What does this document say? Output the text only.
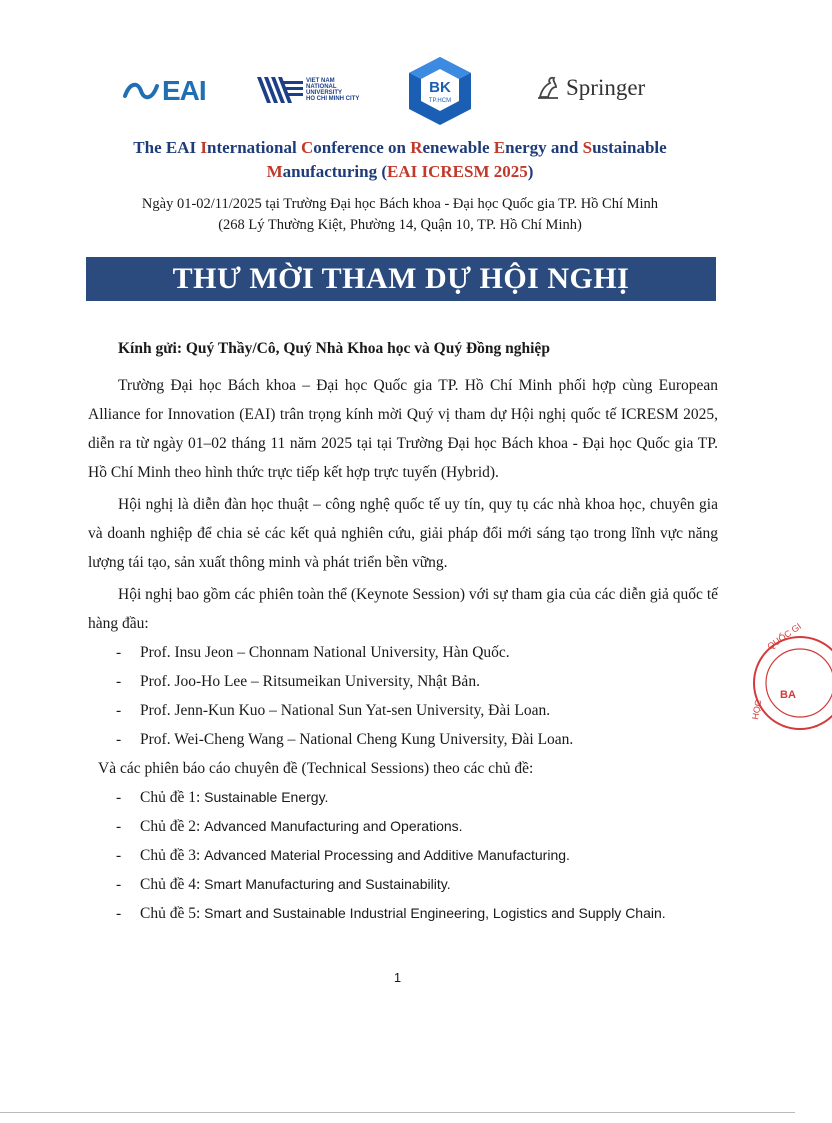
EAI	VIET NAM
NATIONAL
UNIVERSITY
HO CHI MINH CITY
BK
TP.HCM
Springer
The EAI International Conference on Renewable Energy and Sustainable
Manufacturing (EAI ICRESM 2025)
Ngày 01-02/11/2025 tại Trường Đại học Bách khoa - Đại học Quốc gia TP. Hồ Chí Minh
(268 Lý Thường Kiệt, Phường 14, Quận 10, TP. Hồ Chí Minh)
THƯ MỜI THAM DỰ HỘI NGHỊ
Kính gửi: Quý Thầy/Cô, Quý Nhà Khoa học và Quý Đồng nghiệp

Trường Đại học Bách khoa – Đại học Quốc gia TP. Hồ Chí Minh phối hợp cùng European Alliance for Innovation (EAI) trân trọng kính mời Quý vị tham dự Hội nghị quốc tế ICRESM 2025, diễn ra từ ngày 01–02 tháng 11 năm 2025 tại tại Trường Đại học Bách khoa - Đại học Quốc gia TP. Hồ Chí Minh theo hình thức trực tiếp kết hợp trực tuyến (Hybrid).

Hội nghị là diễn đàn học thuật – công nghệ quốc tế uy tín, quy tụ các nhà khoa học, chuyên gia và doanh nghiệp để chia sẻ các kết quả nghiên cứu, giải pháp đổi mới sáng tạo trong lĩnh vực năng lượng tái tạo, sản xuất thông minh và phát triển bền vững.

Hội nghị bao gồm các phiên toàn thể (Keynote Session) với sự tham gia của các diễn giả quốc tế hàng đầu:

- Prof. Insu Jeon – Chonnam National University, Hàn Quốc.
- Prof. Joo-Ho Lee – Ritsumeikan University, Nhật Bản.
- Prof. Jenn-Kun Kuo – National Sun Yat-sen University, Đài Loan.
- Prof. Wei-Cheng Wang – National Cheng Kung University, Đài Loan.

Và các phiên báo cáo chuyên đề (Technical Sessions) theo các chủ đề:

- Chủ đề 1: Sustainable Energy.
- Chủ đề 2: Advanced Manufacturing and Operations.
- Chủ đề 3: Advanced Material Processing and Additive Manufacturing.
- Chủ đề 4: Smart Manufacturing and Sustainability.
- Chủ đề 5: Smart and Sustainable Industrial Engineering, Logistics and Supply Chain.
1
QUỐC GI
HỌC
BA
